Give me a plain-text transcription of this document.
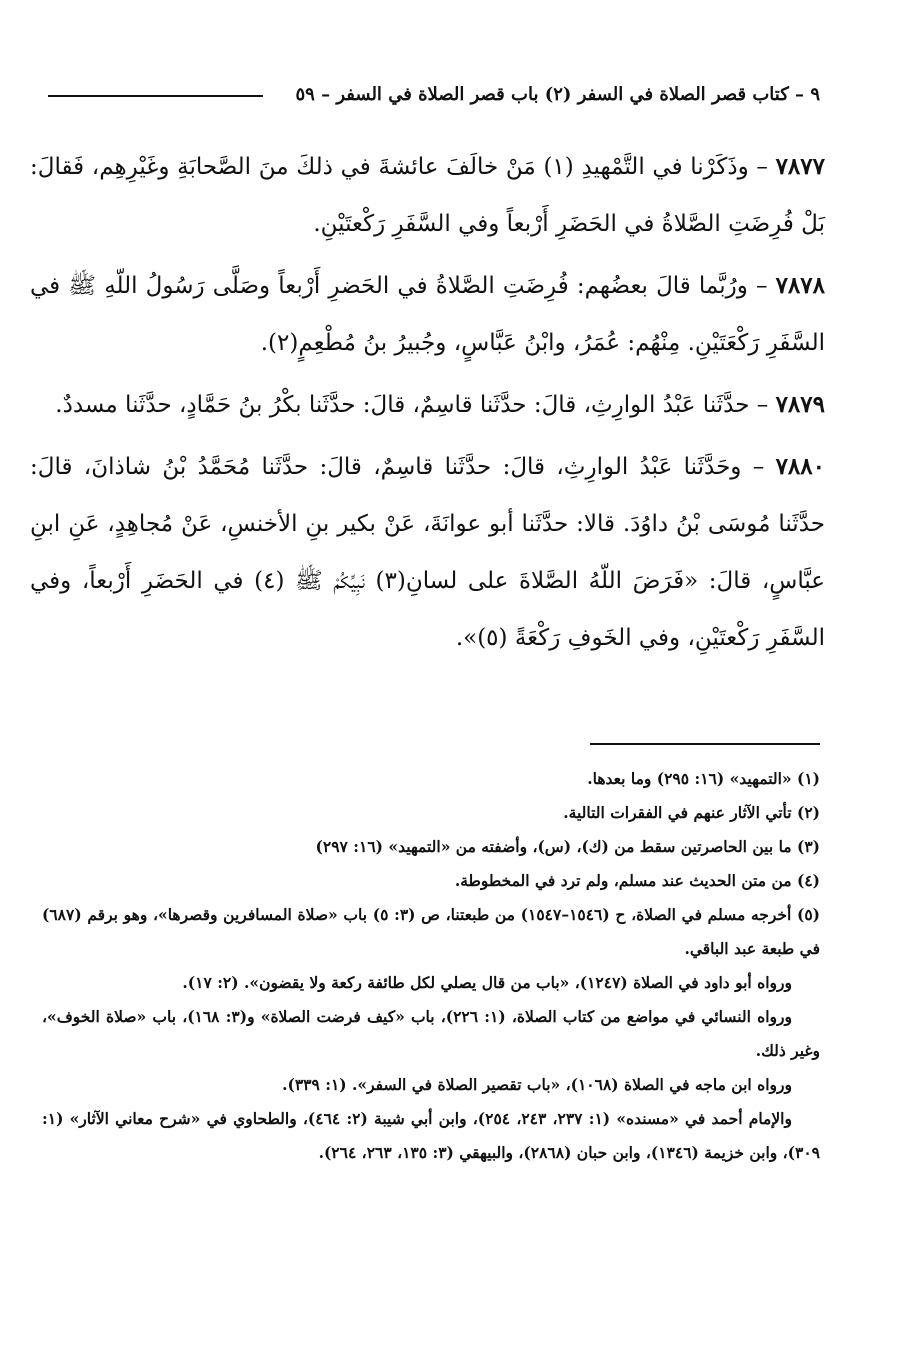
٩ – كتاب قصر الصلاة في السفر (٢) باب قصر الصلاة في السفر – ٥٩

٧٨٧٧ – وذَكَرْنا في التَّمْهيدِ (١) مَنْ خالَفَ عائشةَ في ذلكَ منَ الصَّحابَةِ وغَيْرِهِم، فَقالَ: بَلْ فُرِضَتِ الصَّلاةُ في الحَضَرِ أَرْبعاً وفي السَّفَرِ رَكْعتَيْنِ.

٧٨٧٨ – ورُبَّما قالَ بعضُهم: فُرِضَتِ الصَّلاةُ في الحَضرِ أَرْبعاً وصَلَّى رَسُولُ اللّهِ ﷺ في السَّفَرِ رَكْعَتَيْنِ. مِنْهُم: عُمَرُ، وابْنُ عَبَّاسٍ، وجُبيرُ بنُ مُطْعِمٍ(٢).

٧٨٧٩ – حدَّثَنا عَبْدُ الوارِثِ، قالَ: حدَّثَنا قاسِمٌ، قالَ: حدَّثَنا بكْرُ بنُ حَمَّادٍ، حدَّثَنا مسددٌ.

٧٨٨٠ – وحَدَّثَنا عَبْدُ الوارِثِ، قالَ: حدَّثَنا قاسِمٌ، قالَ: حدَّثَنا مُحَمَّدُ بْنُ شاذانَ، قالَ: حدَّثَنا مُوسَى بْنُ داوُدَ. قالا: حدَّثَنا أبو عوانَةَ، عَنْ بكير بنِ الأخنسِ، عَنْ مُجاهِدٍ، عَنِ ابنِ عبَّاسٍ، قالَ: «فَرَضَ اللّهُ الصَّلاةَ على لسانِ(٣) نَبِيِّكُمْ ﷺ (٤) في الحَضَرِ أَرْبعاً، وفي السَّفَرِ رَكْعتَيْنِ، وفي الخَوفِ رَكْعَةً (٥)».

(١) «التمهيد» (١٦: ٢٩٥) وما بعدها.

(٢) تأتي الآثار عنهم في الفقرات التالية.

(٣) ما بين الحاصرتين سقط من (ك)، (س)، وأضفته من «التمهيد» (١٦: ٢٩٧)

(٤) من متن الحديث عند مسلم، ولم ترد في المخطوطة.

(٥) أخرجه مسلم في الصلاة، ح (١٥٤٦–١٥٤٧) من طبعتنا، ص (٣: ٥) باب «صلاة المسافرين وقصرها»، وهو برقم (٦٨٧) في طبعة عبد الباقي.

ورواه أبو داود في الصلاة (١٢٤٧)، «باب من قال يصلي لكل طائفة ركعة ولا يقضون». (٢: ١٧).

ورواه النسائي في مواضع من كتاب الصلاة، (١: ٢٢٦)، باب «كيف فرضت الصلاة» و(٣: ١٦٨)، باب «صلاة الخوف»، وغير ذلك.

ورواه ابن ماجه في الصلاة (١٠٦٨)، «باب تقصير الصلاة في السفر». (١: ٣٣٩).

والإمام أحمد في «مسنده» (١: ٢٣٧، ٢٤٣، ٢٥٤)، وابن أبي شيبة (٢: ٤٦٤)، والطحاوي في «شرح معاني الآثار» (١: ٣٠٩)، وابن خزيمة (١٣٤٦)، وابن حبان (٢٨٦٨)، والبيهقي (٣: ١٣٥، ٢٦٣، ٢٦٤).
